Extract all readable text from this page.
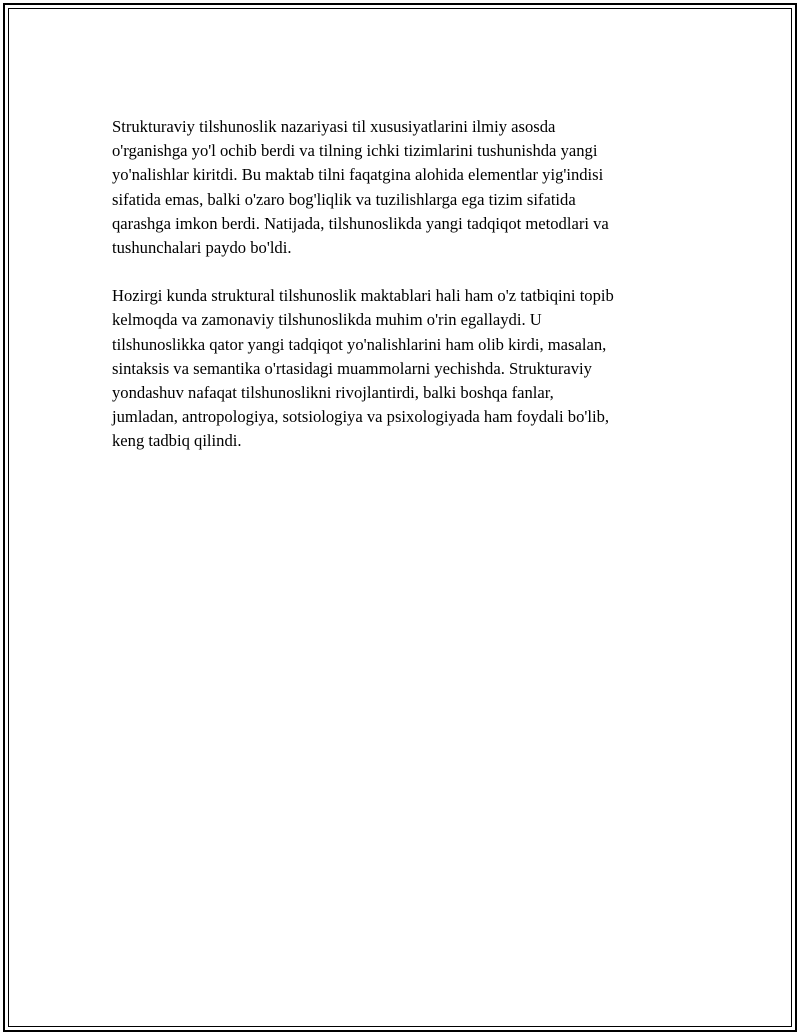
Strukturaviy tilshunoslik nazariyasi til xususiyatlarini ilmiy asosda
o'rganishga yo'l ochib berdi va tilning ichki tizimlarini tushunishda yangi
yo'nalishlar kiritdi. Bu maktab tilni faqatgina alohida elementlar yig'indisi
sifatida emas, balki o'zaro bog'liqlik va tuzilishlarga ega tizim sifatida
qarashga imkon berdi. Natijada, tilshunoslikda yangi tadqiqot metodlari va
tushunchalari paydo bo'ldi.

Hozirgi kunda struktural tilshunoslik maktablari hali ham o'z tatbiqini topib
kelmoqda va zamonaviy tilshunoslikda muhim o'rin egallaydi. U
tilshunoslikka qator yangi tadqiqot yo'nalishlarini ham olib kirdi, masalan,
sintaksis va semantika o'rtasidagi muammolarni yechishda. Strukturaviy
yondashuv nafaqat tilshunoslikni rivojlantirdi, balki boshqa fanlar,
jumladan, antropologiya, sotsiologiya va psixologiyada ham foydali bo'lib,
keng tadbiq qilindi.
